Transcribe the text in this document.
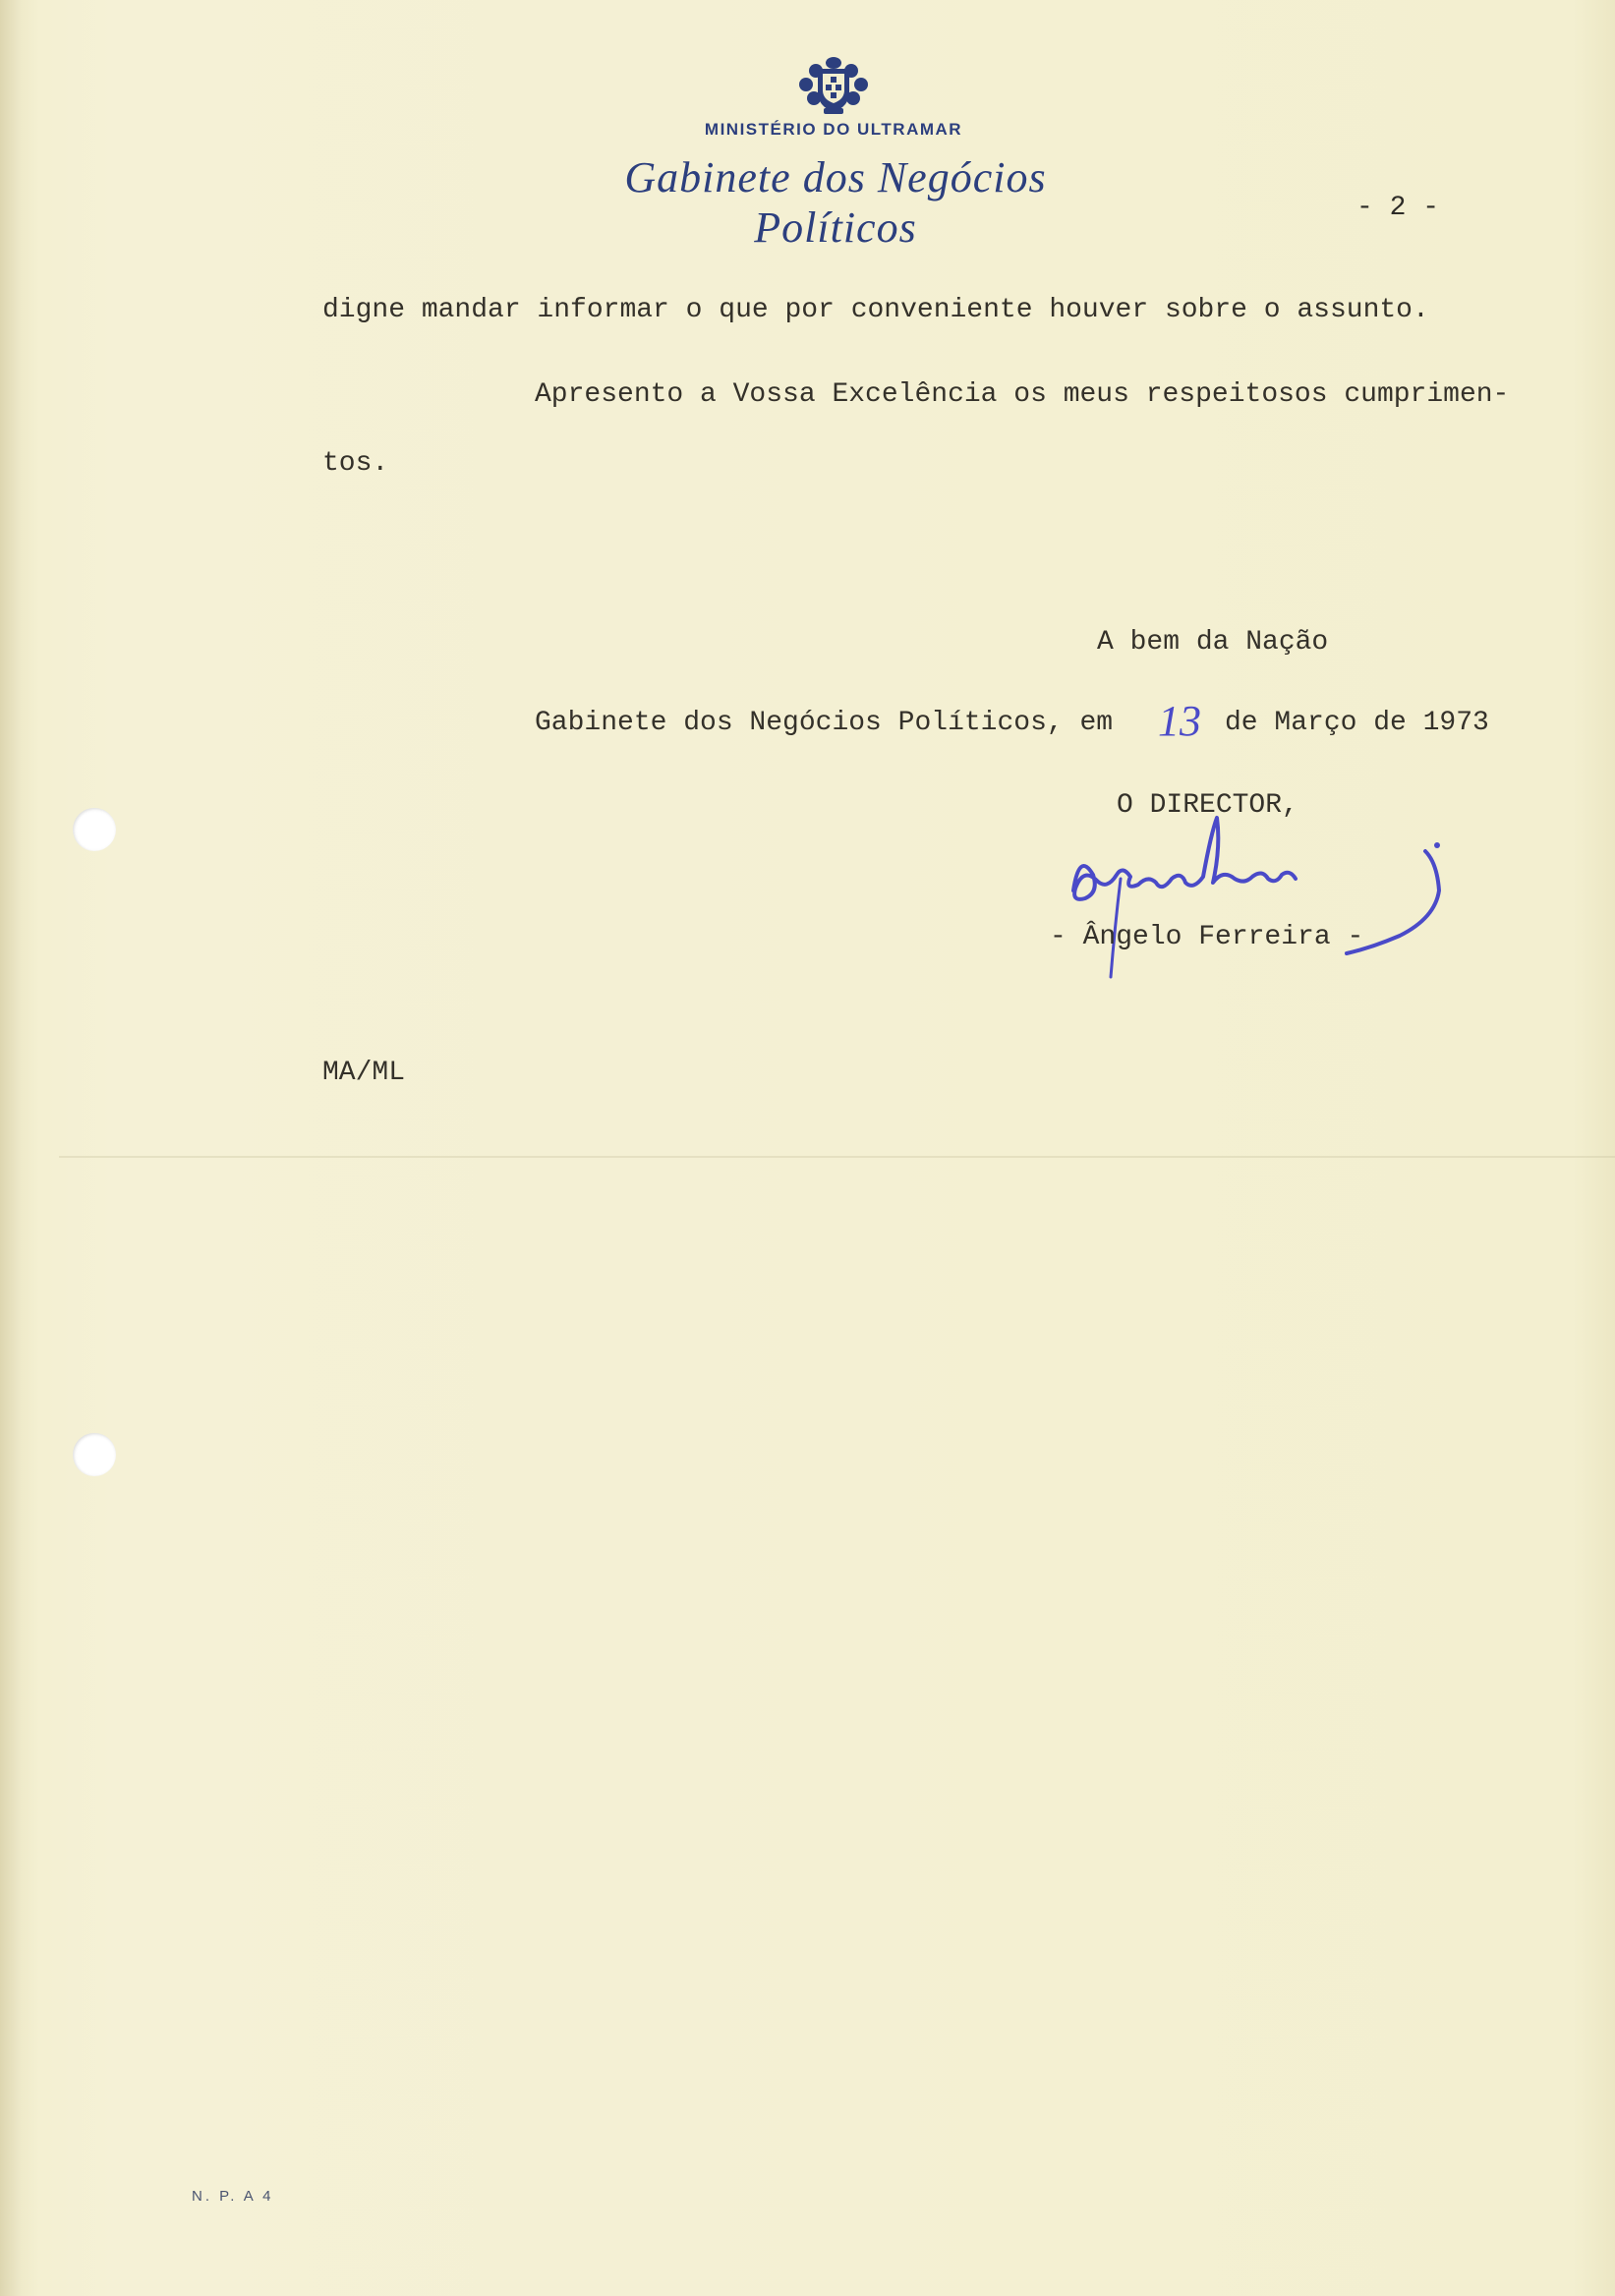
MINISTÉRIO DO ULTRAMAR
Gabinete dos Negócios Políticos	- 2 -
digne mandar informar o que por conveniente houver sobre o assunto.
Apresento a Vossa Excelência os meus respeitosos cumprimen-
tos.
A bem da Nação
Gabinete dos Negócios Políticos, em 13 de Março de 1973
O DIRECTOR,
- Ângelo Ferreira -
MA/ML
N. P. A 4
